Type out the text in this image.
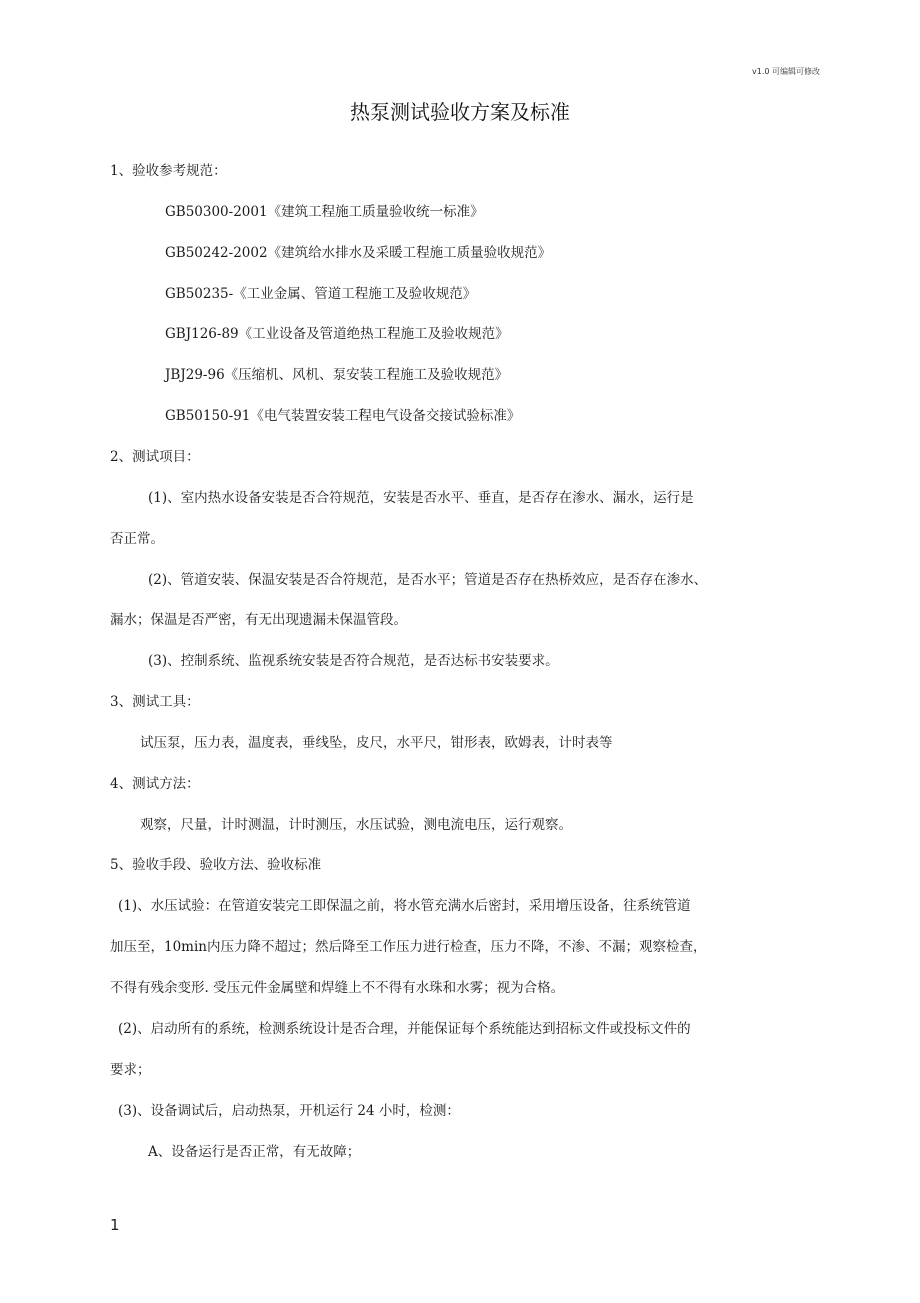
v1.0 可编辑可修改
热泵测试验收方案及标准
1、验收参考规范：
GB50300-2001《建筑工程施工质量验收统一标准》
GB50242-2002《建筑给水排水及采暖工程施工质量验收规范》
GB50235-《工业金属、管道工程施工及验收规范》
GBJ126-89《工业设备及管道绝热工程施工及验收规范》
JBJ29-96《压缩机、风机、泵安装工程施工及验收规范》
GB50150-91《电气装置安装工程电气设备交接试验标准》
2、测试项目：
(1)、室内热水设备安装是否合符规范，安装是否水平、垂直，是否存在渗水、漏水，运行是
否正常。
(2)、管道安装、保温安装是否合符规范，是否水平；管道是否存在热桥效应，是否存在渗水、
漏水；保温是否严密，有无出现遗漏未保温管段。
(3)、控制系统、监视系统安装是否符合规范，是否达标书安装要求。
3、测试工具：
试压泵，压力表，温度表，垂线坠，皮尺，水平尺，钳形表，欧姆表，计时表等
4、测试方法：
观察，尺量，计时测温，计时测压，水压试验，测电流电压，运行观察。
5、验收手段、验收方法、验收标准
(1)、水压试验：在管道安装完工即保温之前，将水管充满水后密封，采用增压设备，往系统管道
加压至，10min内压力降不超过；然后降至工作压力进行检查，压力不降，不渗、不漏；观察检查，
不得有残余变形. 受压元件金属壁和焊缝上不不得有水珠和水雾；视为合格。
(2)、启动所有的系统，检测系统设计是否合理，并能保证每个系统能达到招标文件或投标文件的
要求；
(3)、设备调试后，启动热泵，开机运行 24 小时，检测：
A、设备运行是否正常，有无故障；
1
